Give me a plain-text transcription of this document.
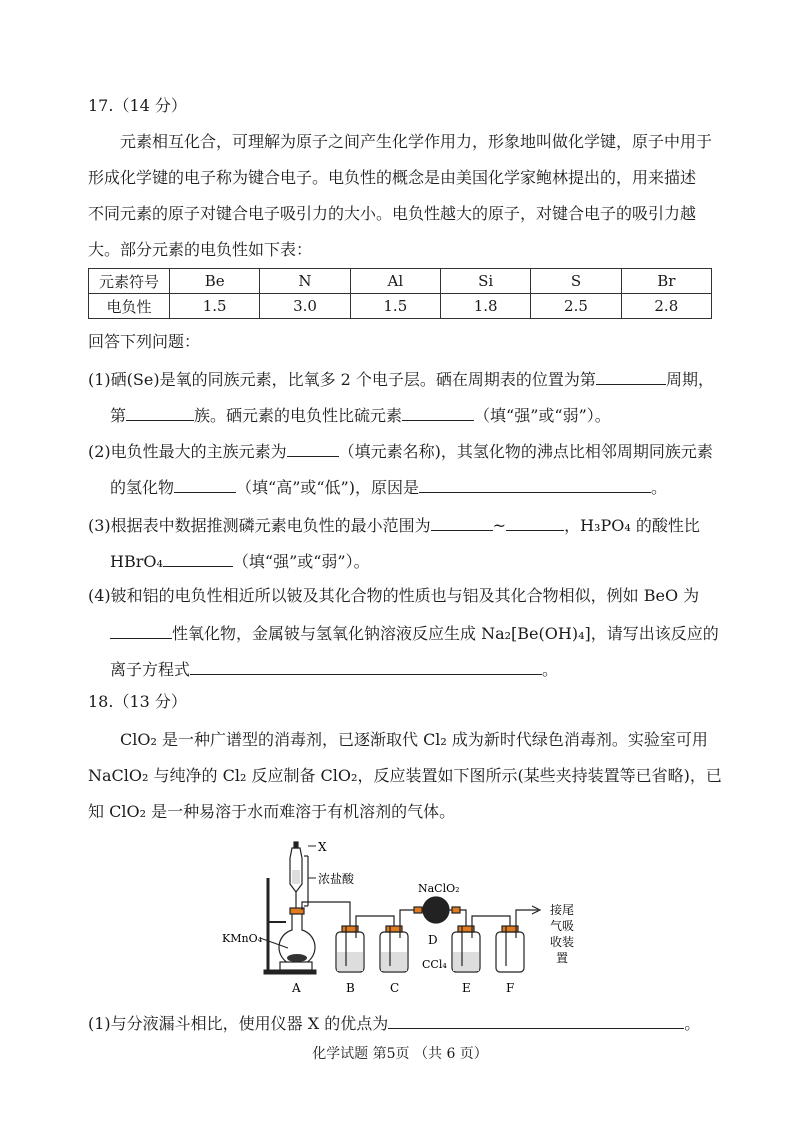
17.（14 分）
元素相互化合，可理解为原子之间产生化学作用力，形象地叫做化学键，原子中用于
形成化学键的电子称为键合电子。电负性的概念是由美国化学家鲍林提出的，用来描述
不同元素的原子对键合电子吸引力的大小。电负性越大的原子，对键合电子的吸引力越
大。部分元素的电负性如下表：
元素符号	Be	N	Al	Si	S	Br
电负性	1.5	3.0	1.5	1.8	2.5	2.8
回答下列问题：
(1)硒(Se)是氧的同族元素，比氧多 2 个电子层。硒在周期表的位置为第	周期，
第	族。硒元素的电负性比硫元素	（填“强”或“弱”）。
(2)电负性最大的主族元素为	（填元素名称)，其氢化物的沸点比相邻周期同族元素
的氢化物	（填“高”或“低”)，原因是	。
(3)根据表中数据推测磷元素电负性的最小范围为	~	，H₃PO₄ 的酸性比
HBrO₄	（填“强”或“弱”）。
(4)铍和铝的电负性相近所以铍及其化合物的性质也与铝及其化合物相似，例如 BeO 为
性氧化物，金属铍与氢氧化钠溶液反应生成 Na₂[Be(OH)₄]，请写出该反应的
离子方程式	。
18.（13 分）
ClO₂ 是一种广谱型的消毒剂，已逐渐取代 Cl₂ 成为新时代绿色消毒剂。实验室可用
NaClO₂ 与纯净的 Cl₂ 反应制备 ClO₂，反应装置如下图所示(某些夹持装置等已省略)，已
知 ClO₂ 是一种易溶于水而难溶于有机溶剂的气体。
X
浓盐酸
KMnO₄
NaClO₂
CCl₄
接尾
气吸
收装
置
A	B	C
D
E	F
(1)与分液漏斗相比，使用仪器 X 的优点为	。
化学试题 第5页 （共 6 页）
